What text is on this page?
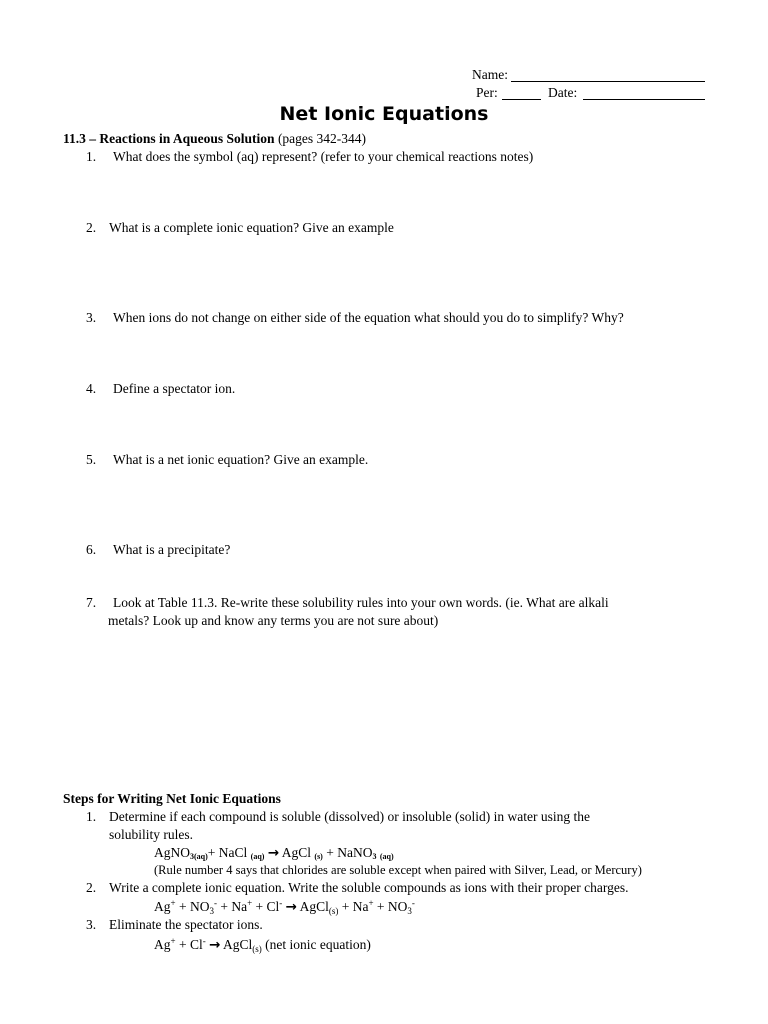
Name:
Per:	Date:
Net Ionic Equations
11.3 – Reactions in Aqueous Solution (pages 342-344)
1. What does the symbol (aq) represent? (refer to your chemical reactions notes)
2. What is a complete ionic equation? Give an example
3. When ions do not change on either side of the equation what should you do to simplify? Why?
4. Define a spectator ion.
5. What is a net ionic equation? Give an example.
6. What is a precipitate?
7. Look at Table 11.3. Re-write these solubility rules into your own words. (ie. What are alkali
metals? Look up and know any terms you are not sure about)
Steps for Writing Net Ionic Equations
1. Determine if each compound is soluble (dissolved) or insoluble (solid) in water using the
solubility rules.
AgNO$_{3(aq)}$+ NaCl $_{(aq)}$ → AgCl $_{(s)}$ + NaNO$_3$ $_{(aq)}$
(Rule number 4 says that chlorides are soluble except when paired with Silver, Lead, or Mercury)
2. Write a complete ionic equation. Write the soluble compounds as ions with their proper charges.
$Ag^+ + NO_3^- + Na^+ + Cl^-$ → AgCl$_{(s)}$ + $Na^+ + NO_3^-$
3. Eliminate the spectator ions.
Ag+ + Cl- → AgCl$_{(s)}$ (net ionic equation)
